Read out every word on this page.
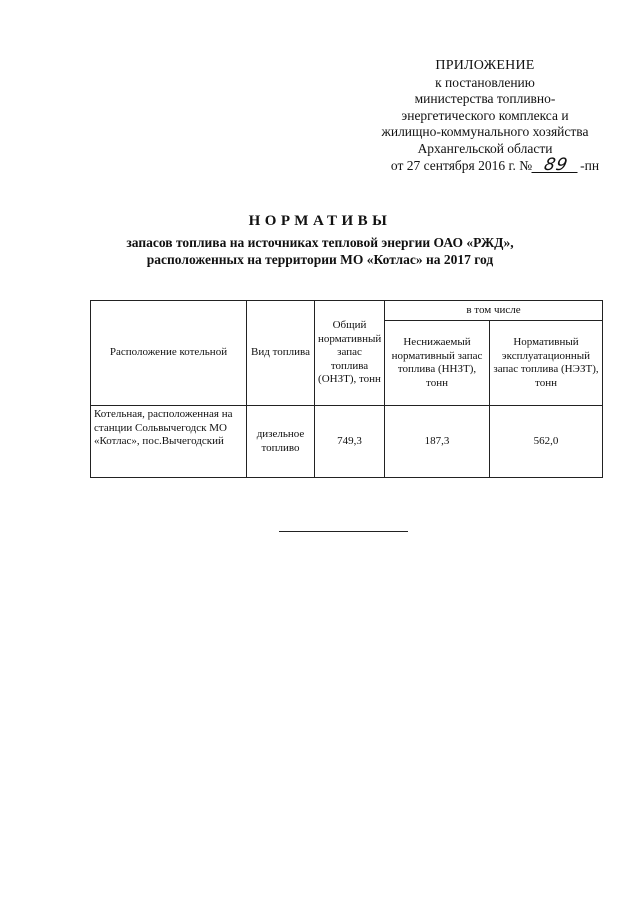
ПРИЛОЖЕНИЕ
к постановлению
министерства топливно-
энергетического комплекса и
жилищно-коммунального хозяйства
Архангельской области
от 27 сентября 2016 г. № 89 -пн
НОРМАТИВЫ
запасов топлива на источниках тепловой энергии ОАО «РЖД»,
расположенных на территории МО «Котлас» на 2017 год
Расположение котельной	Вид топлива	Общий нормативный запас топлива (ОНЗТ), тонн	в том числе	
			Неснижаемый нормативный запас топлива (ННЗТ), тонн	Нормативный эксплуатационный запас топлива (НЭЗТ), тонн
Котельная, расположенная на станции Сольвычегодск МО «Котлас», пос.Вычегодский	дизельное топливо	749,3	187,3	562,0
